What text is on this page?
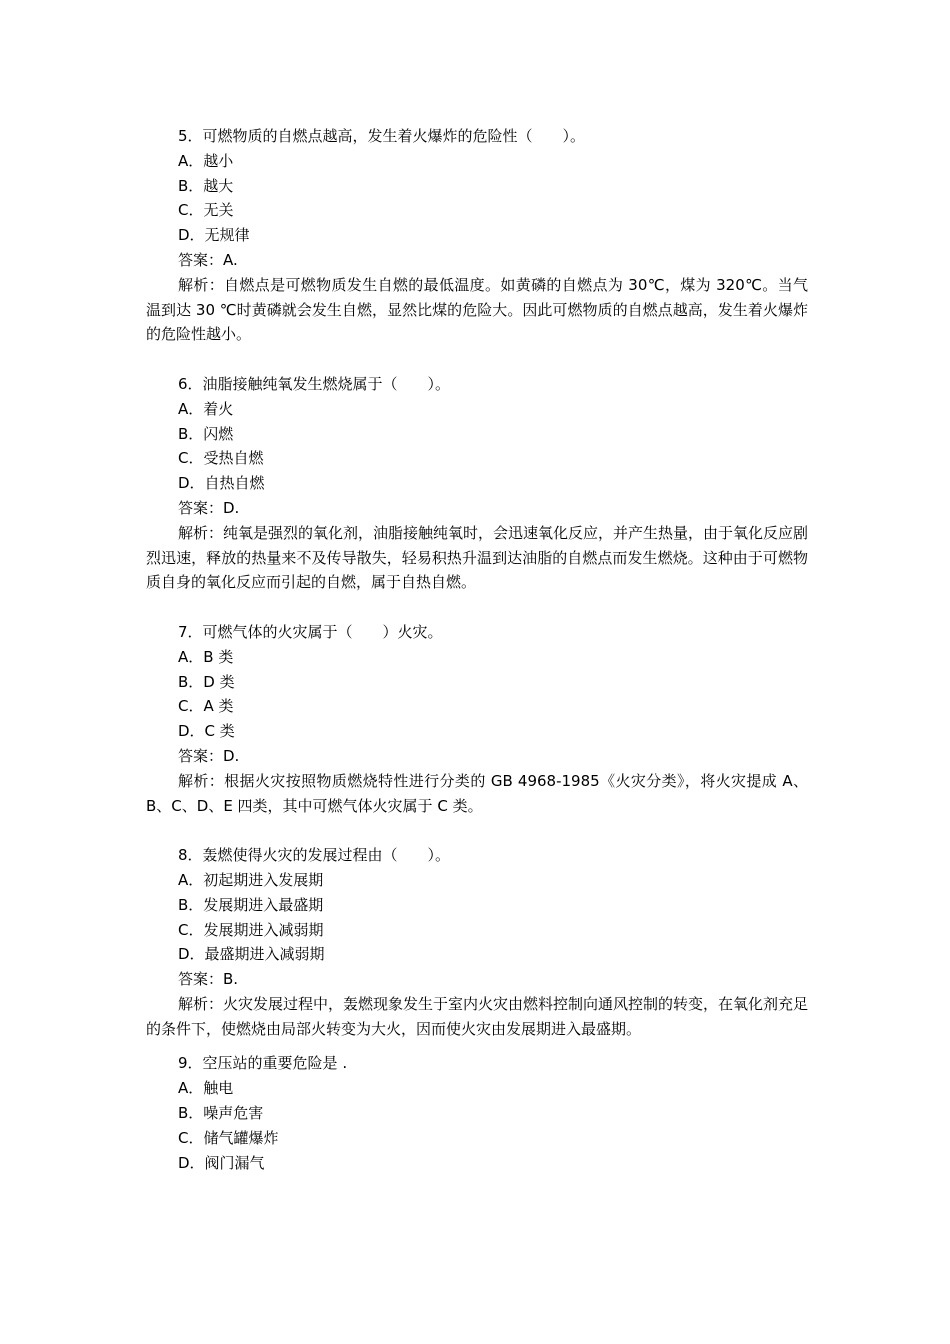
5．可燃物质的自燃点越高，发生着火爆炸的危险性（　　）。
A．越小
B．越大
C．无关
D．无规律
答案：A.
解析：自燃点是可燃物质发生自燃的最低温度。如黄磷的自燃点为 30℃，煤为 320℃。当气温到达 30 ℃时黄磷就会发生自燃，显然比煤的危险大。因此可燃物质的自燃点越高，发生着火爆炸的危险性越小。
6．油脂接触纯氧发生燃烧属于（　　）。
A．着火
B．闪燃
C．受热自燃
D．自热自燃
答案：D.
解析：纯氧是强烈的氧化剂，油脂接触纯氧时，会迅速氧化反应，并产生热量，由于氧化反应剧烈迅速，释放的热量来不及传导散失，轻易积热升温到达油脂的自燃点而发生燃烧。这种由于可燃物质自身的氧化反应而引起的自燃，属于自热自燃。
7．可燃气体的火灾属于（　　）火灾。
A．B 类
B．D 类
C．A 类
D．C 类
答案：D.
解析：根据火灾按照物质燃烧特性进行分类的 GB 4968-1985《火灾分类》，将火灾提成 A、B、C、D、E 四类，其中可燃气体火灾属于 C 类。
8．轰燃使得火灾的发展过程由（　　）。
A．初起期进入发展期
B．发展期进入最盛期
C．发展期进入减弱期
D．最盛期进入减弱期
答案：B.
解析：火灾发展过程中，轰燃现象发生于室内火灾由燃料控制向通风控制的转变，在氧化剂充足的条件下，使燃烧由局部火转变为大火，因而使火灾由发展期进入最盛期。
9．空压站的重要危险是 .
A．触电
B．噪声危害
C．储气罐爆炸
D．阀门漏气
